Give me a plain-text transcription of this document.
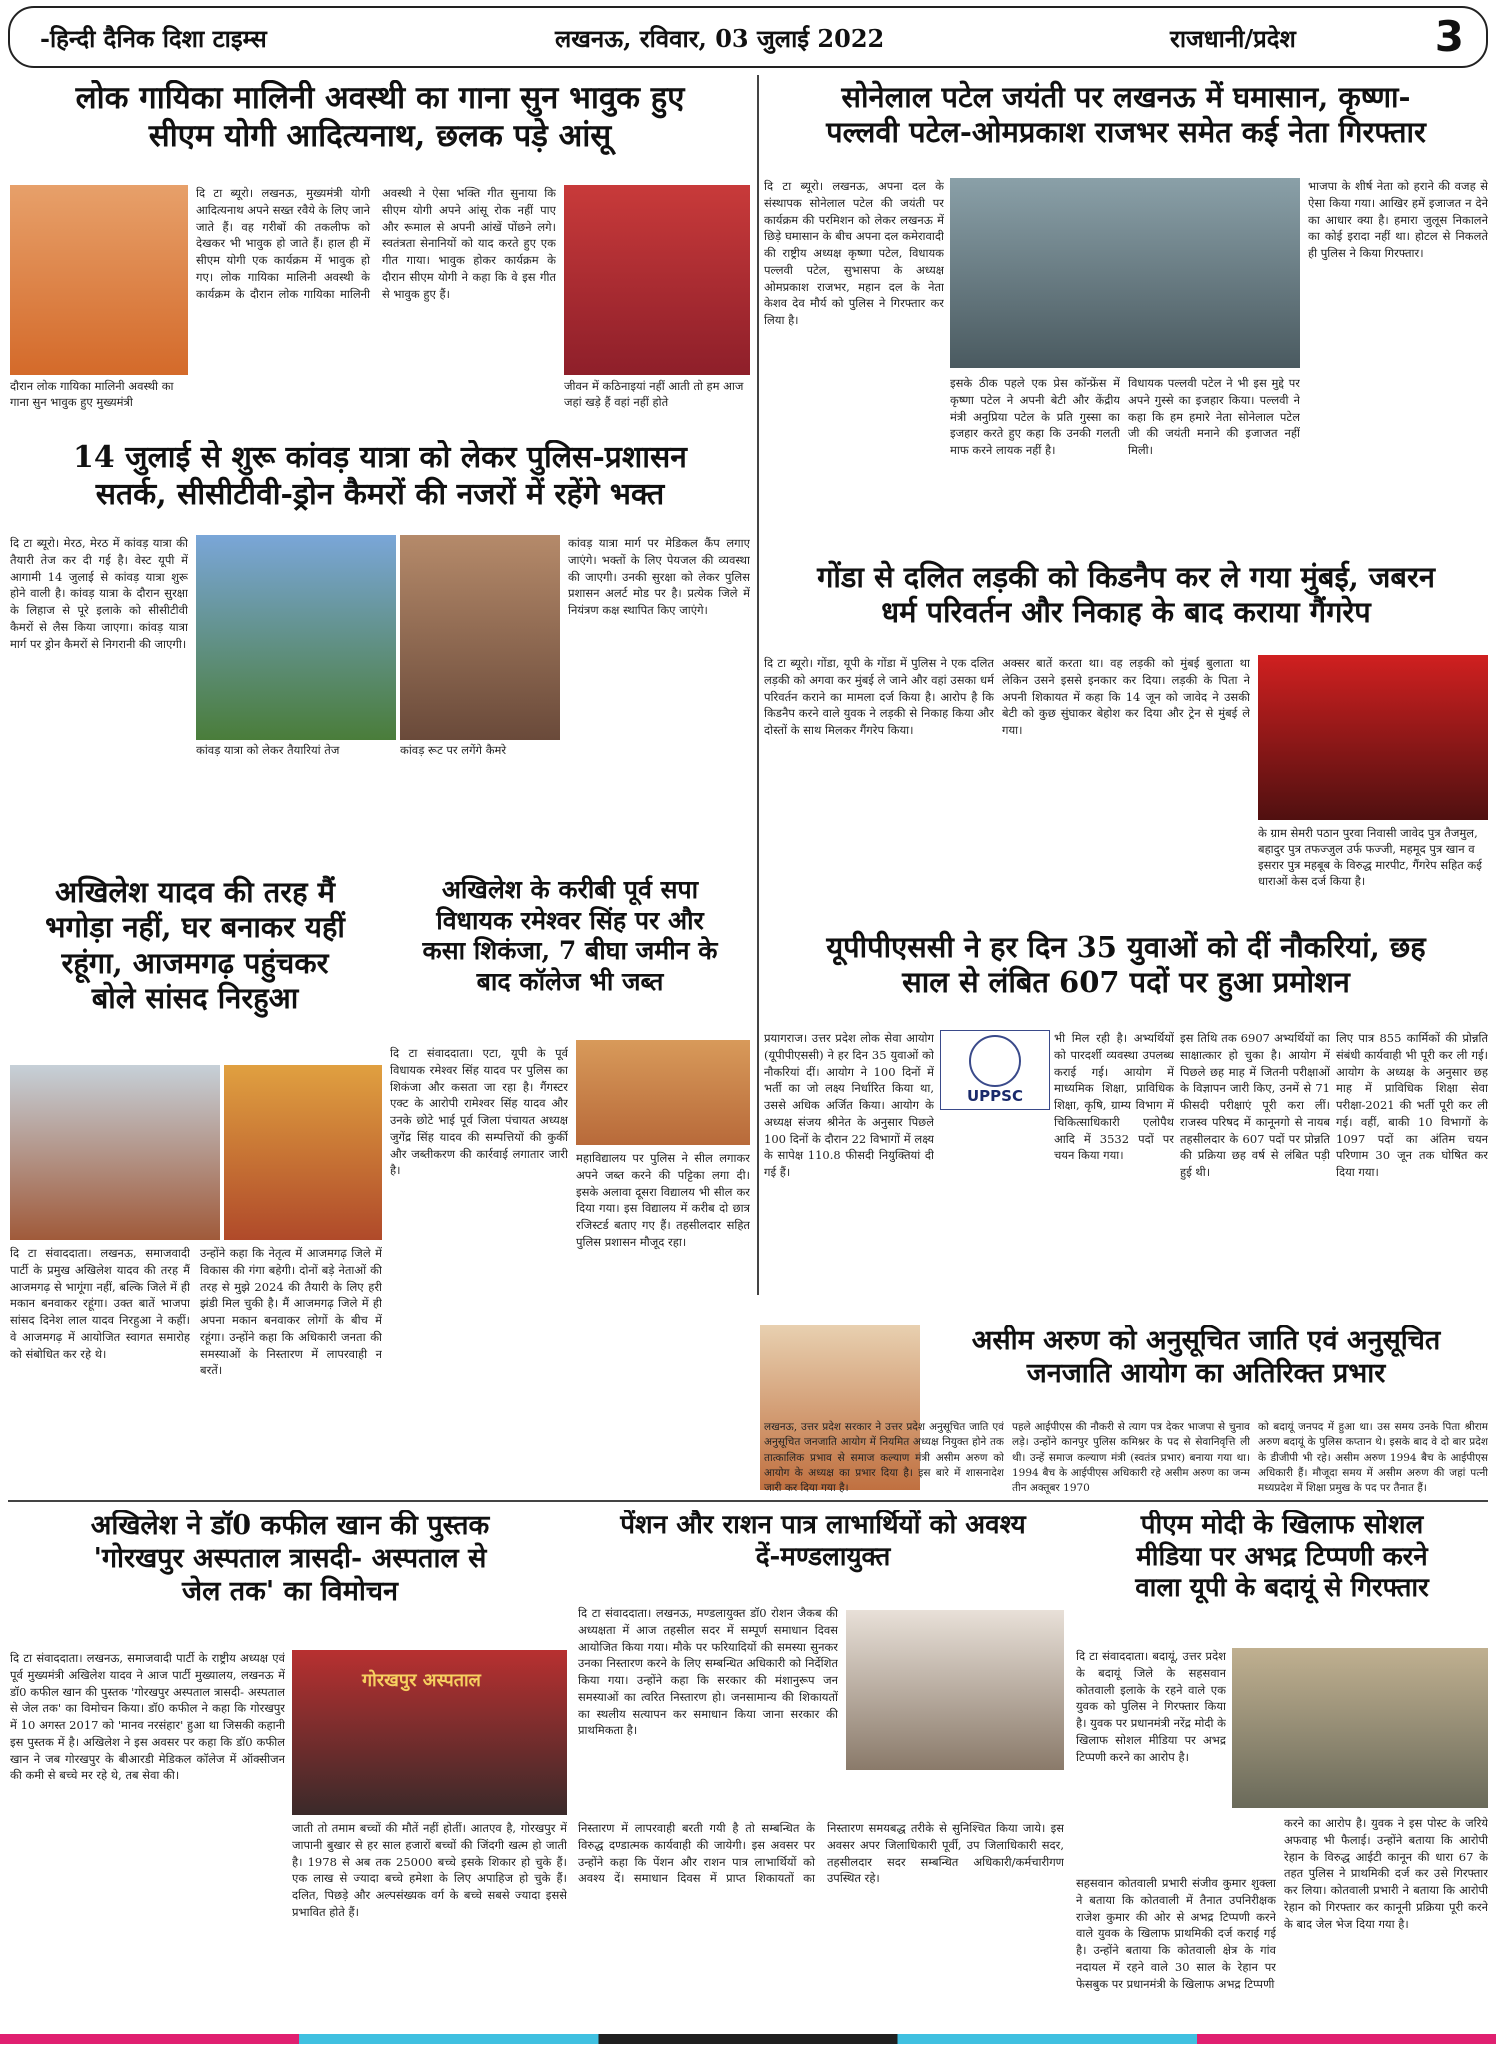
-हिन्दी दैनिक दिशा टाइम्स	लखनऊ, रविवार, 03 जुलाई 2022	राजधानी/प्रदेश	3
लोक गायिका मालिनी अवस्थी का गाना सुन भावुक हुए
सीएम योगी आदित्यनाथ, छलक पड़े आंसू
दि टा ब्यूरो। लखनऊ, मुख्यमंत्री योगी आदित्यनाथ अपने सख्त रवैये के लिए जाने जाते हैं। वह गरीबों की तकलीफ को देखकर भी भावुक हो जाते हैं। हाल ही में सीएम योगी एक कार्यक्रम में भावुक हो गए। लोक गायिका मालिनी अवस्थी के कार्यक्रम के दौरान लोक गायिका मालिनी अवस्थी ने ऐसा भक्ति गीत सुनाया कि सीएम योगी अपने आंसू रोक नहीं पाए और रूमाल से अपनी आंखें पोंछने लगे। स्वतंत्रता सेनानियों को याद करते हुए एक गीत गाया। भावुक होकर कार्यक्रम के दौरान सीएम योगी ने कहा कि वे इस गीत से भावुक हुए हैं।
दौरान लोक गायिका मालिनी अवस्थी का गाना सुन भावुक हुए मुख्यमंत्री
जीवन में कठिनाइयां नहीं आती तो हम आज जहां खड़े हैं वहां नहीं होते
14 जुलाई से शुरू कांवड़ यात्रा को लेकर पुलिस-प्रशासन
सतर्क, सीसीटीवी-ड्रोन कैमरों की नजरों में रहेंगे भक्त
दि टा ब्यूरो। मेरठ, मेरठ में कांवड़ यात्रा की तैयारी तेज कर दी गई है। वेस्ट यूपी में आगामी 14 जुलाई से कांवड़ यात्रा शुरू होने वाली है। कांवड़ यात्रा के दौरान सुरक्षा के लिहाज से पूरे इलाके को सीसीटीवी कैमरों से लैस किया जाएगा। कांवड़ यात्रा मार्ग पर ड्रोन कैमरों से निगरानी की जाएगी।
कांवड़ यात्रा को लेकर तैयारियां तेज	कांवड़ रूट पर लगेंगे कैमरे
कांवड़ यात्रा मार्ग पर मेडिकल कैंप लगाए जाएंगे। भक्तों के लिए पेयजल की व्यवस्था की जाएगी। उनकी सुरक्षा को लेकर पुलिस प्रशासन अलर्ट मोड पर है। प्रत्येक जिले में नियंत्रण कक्ष स्थापित किए जाएंगे।
अखिलेश यादव की तरह मैं
भगोड़ा नहीं, घर बनाकर यहीं
रहूंगा, आजमगढ़ पहुंचकर
बोले सांसद निरहुआ
दि टा संवाददाता। लखनऊ, समाजवादी पार्टी के प्रमुख अखिलेश यादव की तरह मैं आजमगढ़ से भागूंगा नहीं, बल्कि जिले में ही मकान बनवाकर रहूंगा। उक्त बातें भाजपा सांसद दिनेश लाल यादव निरहुआ ने कहीं। वे आजमगढ़ में आयोजित स्वागत समारोह को संबोधित कर रहे थे।
उन्होंने कहा कि नेतृत्व में आजमगढ़ जिले में विकास की गंगा बहेगी। दोनों बड़े नेताओं की तरह से मुझे 2024 की तैयारी के लिए हरी झंडी मिल चुकी है। मैं आजमगढ़ जिले में ही अपना मकान बनवाकर लोगों के बीच में रहूंगा। उन्होंने कहा कि अधिकारी जनता की समस्याओं के निस्तारण में लापरवाही न बरतें।
अखिलेश के करीबी पूर्व सपा
विधायक रमेश्वर सिंह पर और
कसा शिकंजा, 7 बीघा जमीन के
बाद कॉलेज भी जब्त
दि टा संवाददाता। एटा, यूपी के पूर्व विधायक रमेश्वर सिंह यादव पर पुलिस का शिकंजा और कसता जा रहा है। गैंगस्टर एक्ट के आरोपी रामेश्वर सिंह यादव और उनके छोटे भाई पूर्व जिला पंचायत अध्यक्ष जुगेंद्र सिंह यादव की सम्पत्तियों की कुर्की और जब्तीकरण की कार्रवाई लगातार जारी है।
महाविद्यालय पर पुलिस ने सील लगाकर अपने जब्त करने की पट्टिका लगा दी। इसके अलावा दूसरा विद्यालय भी सील कर दिया गया। इस विद्यालय में करीब दो छात्र रजिस्टर्ड बताए गए हैं। तहसीलदार सहित पुलिस प्रशासन मौजूद रहा।
सोनेलाल पटेल जयंती पर लखनऊ में घमासान, कृष्णा-
पल्लवी पटेल-ओमप्रकाश राजभर समेत कई नेता गिरफ्तार
दि टा ब्यूरो। लखनऊ, अपना दल के संस्थापक सोनेलाल पटेल की जयंती पर कार्यक्रम की परमिशन को लेकर लखनऊ में छिड़े घमासान के बीच अपना दल कमेरावादी की राष्ट्रीय अध्यक्ष कृष्णा पटेल, विधायक पल्लवी पटेल, सुभासपा के अध्यक्ष ओमप्रकाश राजभर, महान दल के नेता केशव देव मौर्य को पुलिस ने गिरफ्तार कर लिया है।
इसके ठीक पहले एक प्रेस कॉन्फ्रेंस में कृष्णा पटेल ने अपनी बेटी और केंद्रीय मंत्री अनुप्रिया पटेल के प्रति गुस्सा का इजहार करते हुए कहा कि उनकी गलती माफ करने लायक नहीं है।
विधायक पल्लवी पटेल ने भी इस मुद्दे पर अपने गुस्से का इजहार किया। पल्लवी ने कहा कि हम हमारे नेता सोनेलाल पटेल जी की जयंती मनाने की इजाजत नहीं मिली।
भाजपा के शीर्ष नेता को हराने की वजह से ऐसा किया गया। आखिर हमें इजाजत न देने का आधार क्या है। हमारा जुलूस निकालने का कोई इरादा नहीं था। होटल से निकलते ही पुलिस ने किया गिरफ्तार।
गोंडा से दलित लड़की को किडनैप कर ले गया मुंबई, जबरन
धर्म परिवर्तन और निकाह के बाद कराया गैंगरेप
दि टा ब्यूरो। गोंडा, यूपी के गोंडा में पुलिस ने एक दलित लड़की को अगवा कर मुंबई ले जाने और वहां उसका धर्म परिवर्तन कराने का मामला दर्ज किया है। आरोप है कि किडनैप करने वाले युवक ने लड़की से निकाह किया और दोस्तों के साथ मिलकर गैंगरेप किया।
अक्सर बातें करता था। वह लड़की को मुंबई बुलाता था लेकिन उसने इससे इनकार कर दिया। लड़की के पिता ने अपनी शिकायत में कहा कि 14 जून को जावेद ने उसकी बेटी को कुछ सुंघाकर बेहोश कर दिया और ट्रेन से मुंबई ले गया।
के ग्राम सेमरी पठान पुरवा निवासी जावेद पुत्र तैजमुल, बहादुर पुत्र तफज्जुल उर्फ फज्जी, महमूद पुत्र खान व इसरार पुत्र महबूब के विरुद्ध मारपीट, गैंगरेप सहित कई धाराओं केस दर्ज किया है।
यूपीपीएससी ने हर दिन 35 युवाओं को दीं नौकरियां, छह
साल से लंबित 607 पदों पर हुआ प्रमोशन
प्रयागराज। उत्तर प्रदेश लोक सेवा आयोग (यूपीपीएससी) ने हर दिन 35 युवाओं को नौकरियां दीं। आयोग ने 100 दिनों में भर्ती का जो लक्ष्य निर्धारित किया था, उससे अधिक अर्जित किया। आयोग के अध्यक्ष संजय श्रीनेत के अनुसार पिछले 100 दिनों के दौरान 22 विभागों में लक्ष्य के सापेक्ष 110.8 फीसदी नियुक्तियां दी गई हैं।
UPPSC
भी मिल रही है। अभ्यर्थियों को पारदर्शी व्यवस्था उपलब्ध कराई गई। आयोग में माध्यमिक शिक्षा, प्राविधिक शिक्षा, कृषि, ग्राम्य विभाग में चिकित्साधिकारी एलोपैथ आदि में 3532 पदों पर चयन किया गया।
इस तिथि तक 6907 अभ्यर्थियों का साक्षात्कार हो चुका है। आयोग में पिछले छह माह में जितनी परीक्षाओं के विज्ञापन जारी किए, उनमें से 71 फीसदी परीक्षाएं पूरी करा लीं। राजस्व परिषद में कानूनगो से नायब तहसीलदार के 607 पदों पर प्रोन्नति की प्रक्रिया छह वर्ष से लंबित पड़ी हुई थी।
लिए पात्र 855 कार्मिकों की प्रोन्नति संबंधी कार्यवाही भी पूरी कर ली गई। आयोग के अध्यक्ष के अनुसार छह माह में प्राविधिक शिक्षा सेवा परीक्षा-2021 की भर्ती पूरी कर ली गई। वहीं, बाकी 10 विभागों के 1097 पदों का अंतिम चयन परिणाम 30 जून तक घोषित कर दिया गया।
असीम अरुण को अनुसूचित जाति एवं अनुसूचित
जनजाति आयोग का अतिरिक्त प्रभार
लखनऊ, उत्तर प्रदेश सरकार ने उत्तर प्रदेश अनुसूचित जाति एवं अनुसूचित जनजाति आयोग में नियमित अध्यक्ष नियुक्त होने तक तात्कालिक प्रभाव से समाज कल्याण मंत्री असीम अरुण को आयोग के अध्यक्ष का प्रभार दिया है। इस बारे में शासनादेश जारी कर दिया गया है।
पहले आईपीएस की नौकरी से त्याग पत्र देकर भाजपा से चुनाव लड़े। उन्होंने कानपुर पुलिस कमिश्नर के पद से सेवानिवृत्ति ली थी। उन्हें समाज कल्याण मंत्री (स्वतंत्र प्रभार) बनाया गया था। 1994 बैच के आईपीएस अधिकारी रहे असीम अरुण का जन्म तीन अक्तूबर 1970
को बदायूं जनपद में हुआ था। उस समय उनके पिता श्रीराम अरुण बदायूं के पुलिस कप्तान थे। इसके बाद वे दो बार प्रदेश के डीजीपी भी रहे। असीम अरुण 1994 बैच के आईपीएस अधिकारी हैं। मौजूदा समय में असीम अरुण की जहां पत्नी मध्यप्रदेश में शिक्षा प्रमुख के पद पर तैनात हैं।
अखिलेश ने डॉ0 कफील खान की पुस्तक
'गोरखपुर अस्पताल त्रासदी- अस्पताल से
जेल तक' का विमोचन
दि टा संवाददाता। लखनऊ, समाजवादी पार्टी के राष्ट्रीय अध्यक्ष एवं पूर्व मुख्यमंत्री अखिलेश यादव ने आज पार्टी मुख्यालय, लखनऊ में डॉ0 कफील खान की पुस्तक 'गोरखपुर अस्पताल त्रासदी- अस्पताल से जेल तक' का विमोचन किया। डॉ0 कफील ने कहा कि गोरखपुर में 10 अगस्त 2017 को 'मानव नरसंहार' हुआ था जिसकी कहानी इस पुस्तक में है। अखिलेश ने इस अवसर पर कहा कि डॉ0 कफील खान ने जब गोरखपुर के बीआरडी मेडिकल कॉलेज में ऑक्सीजन की कमी से बच्चे मर रहे थे, तब सेवा की।
गोरखपुर अस्पताल
जाती तो तमाम बच्चों की मौतें नहीं होतीं। आतएव है, गोरखपुर में जापानी बुखार से हर साल हजारों बच्चों की जिंदगी खत्म हो जाती है। 1978 से अब तक 25000 बच्चे इसके शिकार हो चुके हैं। एक लाख से ज्यादा बच्चे हमेशा के लिए अपाहिज हो चुके हैं। दलित, पिछड़े और अल्पसंख्यक वर्ग के बच्चे सबसे ज्यादा इससे प्रभावित होते हैं।
पेंशन और राशन पात्र लाभार्थियों को अवश्य
दें-मण्डलायुक्त
दि टा संवाददाता। लखनऊ, मण्डलायुक्त डॉ0 रोशन जैकब की अध्यक्षता में आज तहसील सदर में सम्पूर्ण समाधान दिवस आयोजित किया गया। मौके पर फरियादियों की समस्या सुनकर उनका निस्तारण करने के लिए सम्बन्धित अधिकारी को निर्देशित किया गया। उन्होंने कहा कि सरकार की मंशानुरूप जन समस्याओं का त्वरित निस्तारण हो। जनसामान्य की शिकायतों का स्थलीय सत्यापन कर समाधान किया जाना सरकार की प्राथमिकता है।
निस्तारण में लापरवाही बरती गयी है तो सम्बन्धित के विरुद्ध दण्डात्मक कार्यवाही की जायेगी। इस अवसर पर उन्होंने कहा कि पेंशन और राशन पात्र लाभार्थियों को अवश्य दें। समाधान दिवस में प्राप्त शिकायतों का निस्तारण समयबद्ध तरीके से सुनिश्चित किया जाये। इस अवसर अपर जिलाधिकारी पूर्वी, उप जिलाधिकारी सदर, तहसीलदार सदर सम्बन्धित अधिकारी/कर्मचारीगण उपस्थित रहे।
पीएम मोदी के खिलाफ सोशल
मीडिया पर अभद्र टिप्पणी करने
वाला यूपी के बदायूं से गिरफ्तार
दि टा संवाददाता। बदायूं, उत्तर प्रदेश के बदायूं जिले के सहसवान कोतवाली इलाके के रहने वाले एक युवक को पुलिस ने गिरफ्तार किया है। युवक पर प्रधानमंत्री नरेंद्र मोदी के खिलाफ सोशल मीडिया पर अभद्र टिप्पणी करने का आरोप है।
सहसवान कोतवाली प्रभारी संजीव कुमार शुक्ला ने बताया कि कोतवाली में तैनात उपनिरीक्षक राजेश कुमार की ओर से अभद्र टिप्पणी करने वाले युवक के खिलाफ प्राथमिकी दर्ज कराई गई है। उन्होंने बताया कि कोतवाली क्षेत्र के गांव नदायल में रहने वाले 30 साल के रेहान पर फेसबुक पर प्रधानमंत्री के खिलाफ अभद्र टिप्पणी
करने का आरोप है। युवक ने इस पोस्ट के जरिये अफवाह भी फैलाई। उन्होंने बताया कि आरोपी रेहान के विरुद्ध आईटी कानून की धारा 67 के तहत पुलिस ने प्राथमिकी दर्ज कर उसे गिरफ्तार कर लिया। कोतवाली प्रभारी ने बताया कि आरोपी रेहान को गिरफ्तार कर कानूनी प्रक्रिया पूरी करने के बाद जेल भेज दिया गया है।
